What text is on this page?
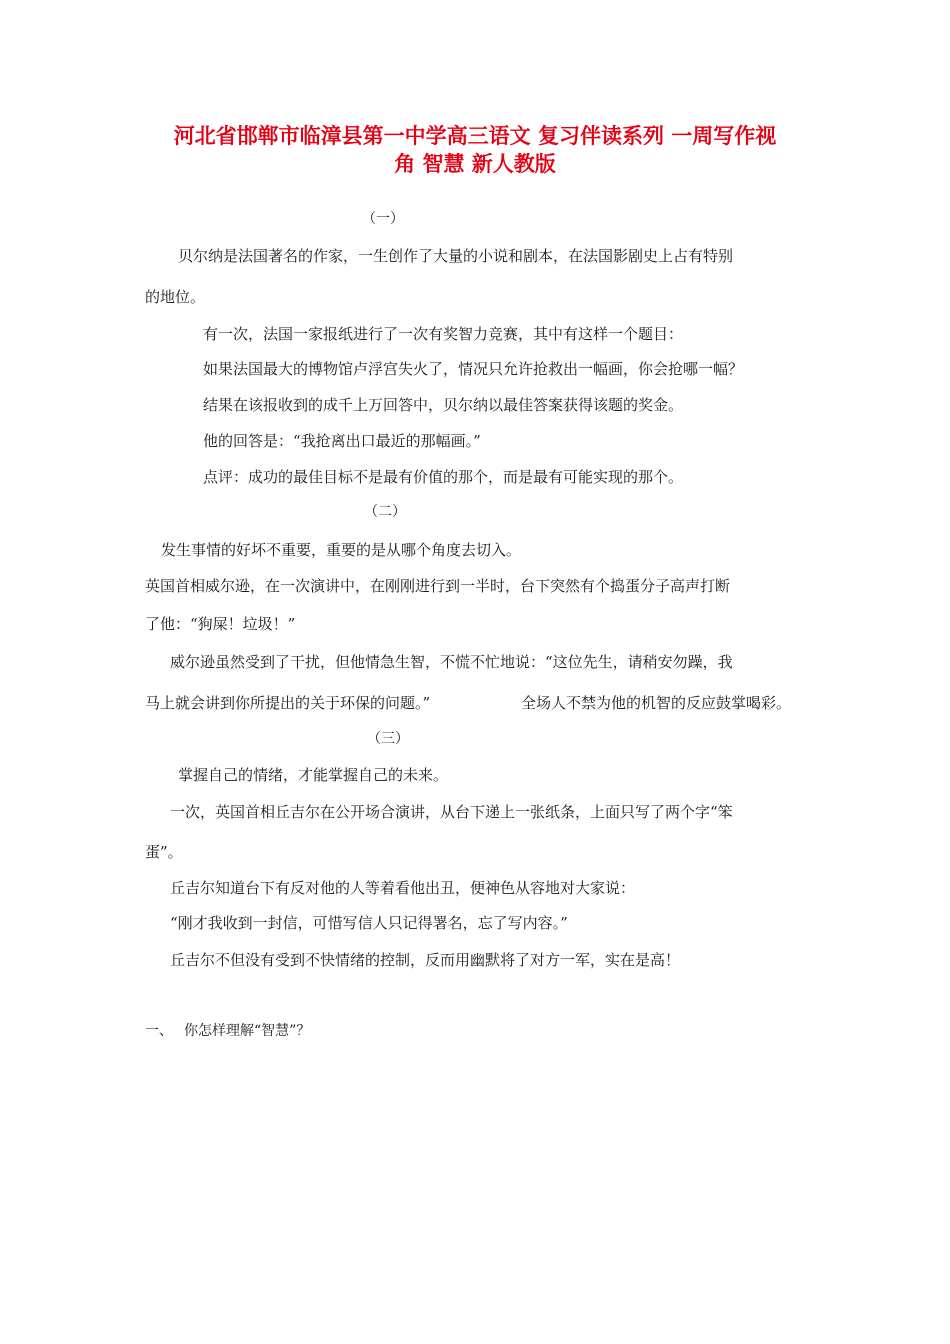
河北省邯郸市临漳县第一中学高三语文 复习伴读系列 一周写作视
角 智慧 新人教版
（一）
贝尔纳是法国著名的作家，一生创作了大量的小说和剧本，在法国影剧史上占有特别
的地位。
有一次，法国一家报纸进行了一次有奖智力竞赛，其中有这样一个题目：
如果法国最大的博物馆卢浮宫失火了，情况只允许抢救出一幅画，你会抢哪一幅？
结果在该报收到的成千上万回答中，贝尔纳以最佳答案获得该题的奖金。
他的回答是：“我抢离出口最近的那幅画。”
点评：成功的最佳目标不是最有价值的那个，而是最有可能实现的那个。
（二）
发生事情的好坏不重要，重要的是从哪个角度去切入。
英国首相威尔逊，在一次演讲中，在刚刚进行到一半时，台下突然有个捣蛋分子高声打断
了他：“狗屎！垃圾！”
威尔逊虽然受到了干扰，但他情急生智，不慌不忙地说：“这位先生，请稍安勿躁，我
马上就会讲到你所提出的关于环保的问题。”	全场人不禁为他的机智的反应鼓掌喝彩。
（三）
掌握自己的情绪，才能掌握自己的未来。
一次，英国首相丘吉尔在公开场合演讲，从台下递上一张纸条，上面只写了两个字“笨
蛋”。
丘吉尔知道台下有反对他的人等着看他出丑，便神色从容地对大家说：
“刚才我收到一封信，可惜写信人只记得署名，忘了写内容。”
丘吉尔不但没有受到不快情绪的控制，反而用幽默将了对方一军，实在是高！
一、 你怎样理解“智慧”？
